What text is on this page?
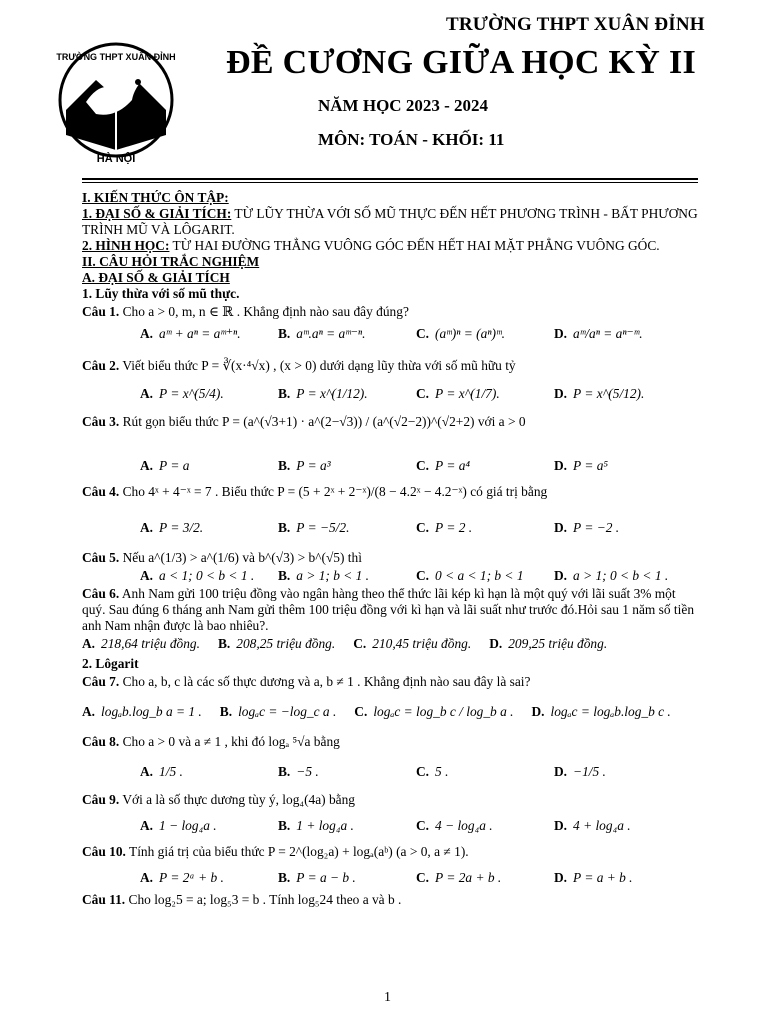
HÀ NỘI
TRƯỜNG THPT XUÂN ĐỈNH
TRƯỜNG THPT XUÂN ĐỈNH
ĐỀ CƯƠNG GIỮA HỌC KỲ II
NĂM HỌC 2023 - 2024
MÔN: TOÁN - KHỐI: 11
I. KIẾN THỨC ÔN TẬP:
1. ĐẠI SỐ & GIẢI TÍCH: TỪ LŨY THỪA VỚI SỐ MŨ THỰC ĐẾN HẾT PHƯƠNG TRÌNH - BẤT PHƯƠNG TRÌNH MŨ VÀ LÔGARIT.
2. HÌNH HỌC: TỪ HAI ĐƯỜNG THẲNG VUÔNG GÓC ĐẾN HẾT HAI MẶT PHẲNG VUÔNG GÓC.
II. CÂU HỎI TRẮC NGHIỆM
A. ĐẠI SỐ & GIẢI TÍCH
1. Lũy thừa với số mũ thực.
Câu 1. Cho a > 0, m, n ∈ ℝ . Khẳng định nào sau đây đúng?
A. aᵐ + aⁿ = aᵐ⁺ⁿ.	B. aᵐ.aⁿ = aᵐ⁻ⁿ.	C. (aᵐ)ⁿ = (aⁿ)ᵐ.	D. aᵐ/aⁿ = aⁿ⁻ᵐ.
Câu 2. Viết biểu thức P = ∛(x·⁴√x) , (x > 0) dưới dạng lũy thừa với số mũ hữu tỷ
A. P = x^(5/4).	B. P = x^(1/12).	C. P = x^(1/7).	D. P = x^(5/12).
Câu 3. Rút gọn biểu thức P = (a^(√3+1) · a^(2−√3)) / (a^(√2−2))^(√2+2) với a > 0
A. P = a	B. P = a³	C. P = a⁴	D. P = a⁵
Câu 4. Cho 4ˣ + 4⁻ˣ = 7 . Biểu thức P = (5 + 2ˣ + 2⁻ˣ)/(8 − 4.2ˣ − 4.2⁻ˣ) có giá trị bằng
A. P = 3/2.	B. P = −5/2.	C. P = 2 .	D. P = −2 .
Câu 5. Nếu a^(1/3) > a^(1/6) và b^(√3) > b^(√5) thì
A. a < 1; 0 < b < 1 .	B. a > 1; b < 1 .	C. 0 < a < 1; b < 1	D. a > 1; 0 < b < 1 .
Câu 6. Anh Nam gửi 100 triệu đồng vào ngân hàng theo thể thức lãi kép kì hạn là một quý với lãi suất 3% một quý. Sau đúng 6 tháng anh Nam gửi thêm 100 triệu đồng với kì hạn và lãi suất như trước đó.Hỏi sau 1 năm số tiền anh Nam nhận được là bao nhiêu?.
A. 218,64 triệu đồng. B. 208,25 triệu đồng. C. 210,45 triệu đồng. D. 209,25 triệu đồng.
2. Lôgarit
Câu 7. Cho a, b, c là các số thực dương và a, b ≠ 1 . Khẳng định nào sau đây là sai?
A. logₐb.log_b a = 1 . B. logₐc = −log_c a . C. logₐc = log_b c / log_b a . D. logₐc = logₐb.log_b c .
Câu 8. Cho a > 0 và a ≠ 1 , khi đó logₐ ⁵√a bằng
A. 1/5 .	B. −5 .	C. 5 .	D. −1/5 .
Câu 9. Với a là số thực dương tùy ý, log₄(4a) bằng
A. 1 − log₄a .	B. 1 + log₄a .	C. 4 − log₄a .	D. 4 + log₄a .
Câu 10. Tính giá trị của biểu thức P = 2^(log₂a) + logₐ(aᵇ) (a > 0, a ≠ 1).
A. P = 2ᵃ + b .	B. P = a − b .	C. P = 2a + b .	D. P = a + b .
Câu 11. Cho log₂5 = a; log₅3 = b . Tính log₅24 theo a và b .
1
